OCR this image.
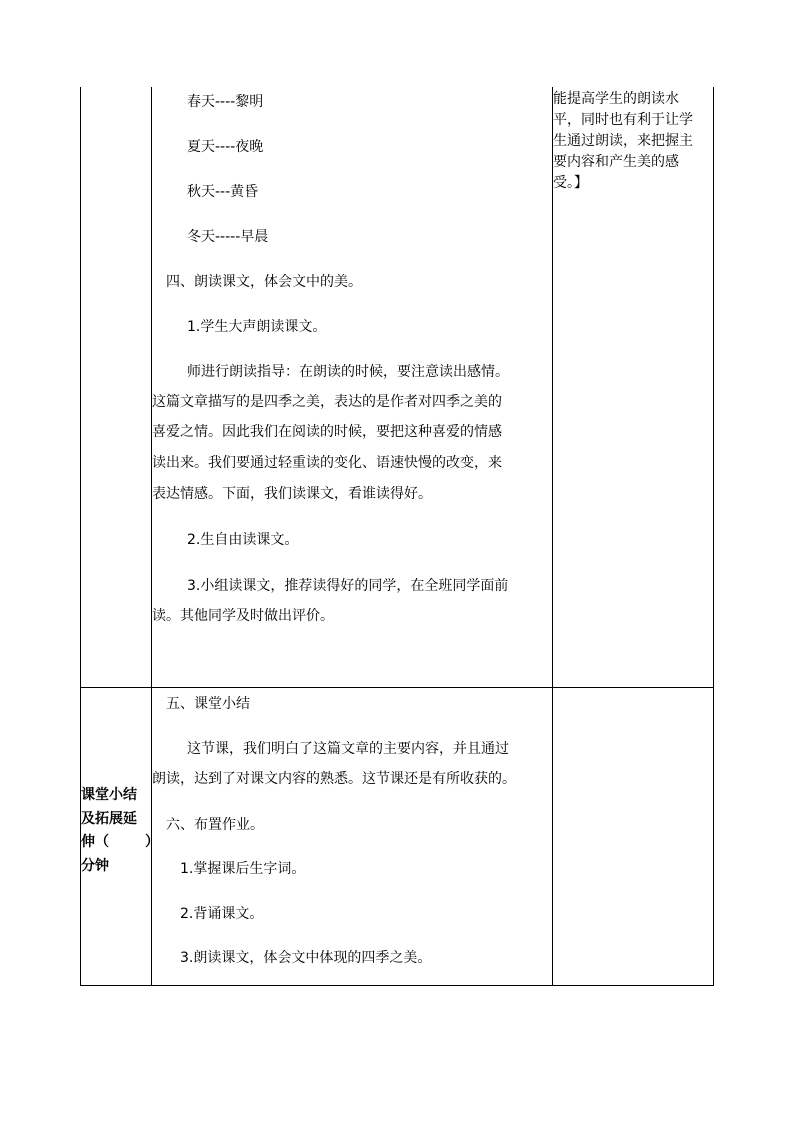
春天----黎明
夏天----夜晚
秋天---黄昏
冬天-----早晨
四、朗读课文，体会文中的美。
1.学生大声朗读课文。
师进行朗读指导：在朗读的时候，要注意读出感情。
这篇文章描写的是四季之美，表达的是作者对四季之美的
喜爱之情。因此我们在阅读的时候，要把这种喜爱的情感
读出来。我们要通过轻重读的变化、语速快慢的改变，来
表达情感。下面，我们读课文，看谁读得好。
2.生自由读课文。
3.小组读课文，推荐读得好的同学，在全班同学面前
读。其他同学及时做出评价。
能提高学生的朗读水
平，同时也有利于让学
生通过朗读，来把握主
要内容和产生美的感
受。】
课堂小结
及拓展延
伸（	）
分钟
五、课堂小结
这节课，我们明白了这篇文章的主要内容，并且通过
朗读，达到了对课文内容的熟悉。这节课还是有所收获的。
六、布置作业。
1.掌握课后生字词。
2.背诵课文。
3.朗读课文，体会文中体现的四季之美。
